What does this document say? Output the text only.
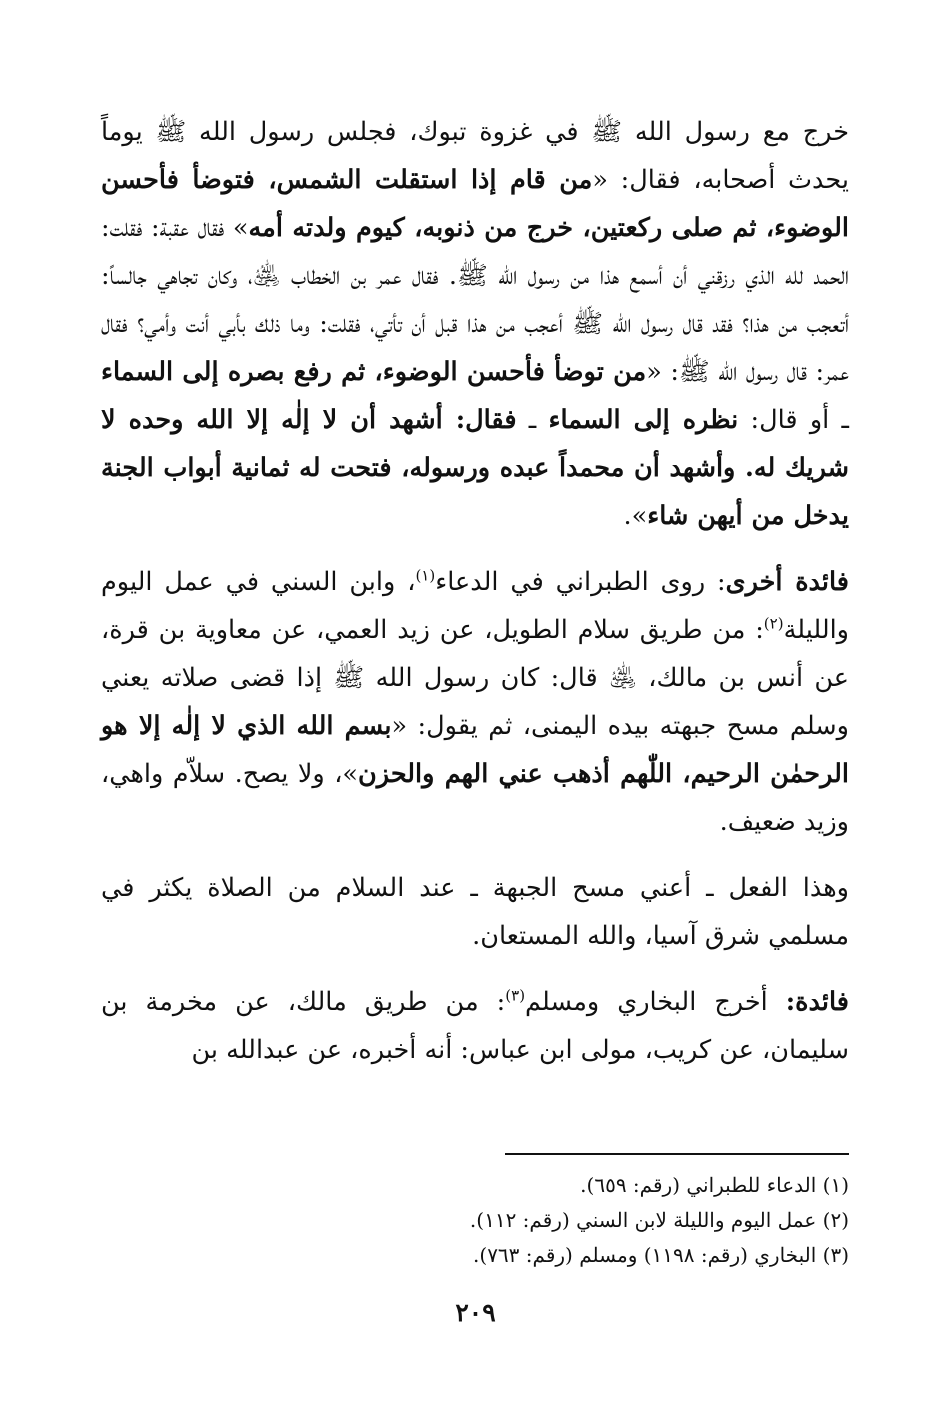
خرج مع رسول الله ﷺ في غزوة تبوك، فجلس رسول الله ﷺ يوماً يحدث أصحابه، فقال: «من قام إذا استقلت الشمس، فتوضأ فأحسن الوضوء، ثم صلى ركعتين، خرج من ذنوبه، كيوم ولدته أمه» فقال عقبة: فقلت: الحمد لله الذي رزقني أن أسمع هذا من رسول الله ﷺ. فقال عمر بن الخطاب ﵁، وكان تجاهي جالساً: أتعجب من هذا؟ فقد قال رسول الله ﷺ أعجب من هذا قبل أن تأتي، فقلت: وما ذلك بأبي أنت وأمي؟ فقال عمر: قال رسول الله ﷺ: «من توضأ فأحسن الوضوء، ثم رفع بصره إلى السماء ـ أو قال: نظره إلى السماء ـ فقال: أشهد أن لا إلٰه إلا الله وحده لا شريك له. وأشهد أن محمداً عبده ورسوله، فتحت له ثمانية أبواب الجنة يدخل من أيهن شاء».

فائدة أخرى: روى الطبراني في الدعاء$^{(١)}$، وابن السني في عمل اليوم والليلة$^{(٢)}$: من طريق سلام الطويل، عن زيد العمي، عن معاوية بن قرة، عن أنس بن مالك، ﵁ قال: كان رسول الله ﷺ إذا قضى صلاته يعني وسلم مسح جبهته بيده اليمنى، ثم يقول: «بسم الله الذي لا إلٰه إلا هو الرحمٰن الرحيم، اللّٰهم أذهب عني الهم والحزن»، ولا يصح. سلاّم واهي، وزيد ضعيف.

وهذا الفعل ـ أعني مسح الجبهة ـ عند السلام من الصلاة يكثر في مسلمي شرق آسيا، والله المستعان.

فائدة: أخرج البخاري ومسلم$^{(٣)}$: من طريق مالك، عن مخرمة بن سليمان، عن كريب، مولى ابن عباس: أنه أخبره، عن عبدالله بن

(١) الدعاء للطبراني (رقم: ٦٥٩).
(٢) عمل اليوم والليلة لابن السني (رقم: ١١٢).
(٣) البخاري (رقم: ١١٩٨) ومسلم (رقم: ٧٦٣).
٢٠٩
